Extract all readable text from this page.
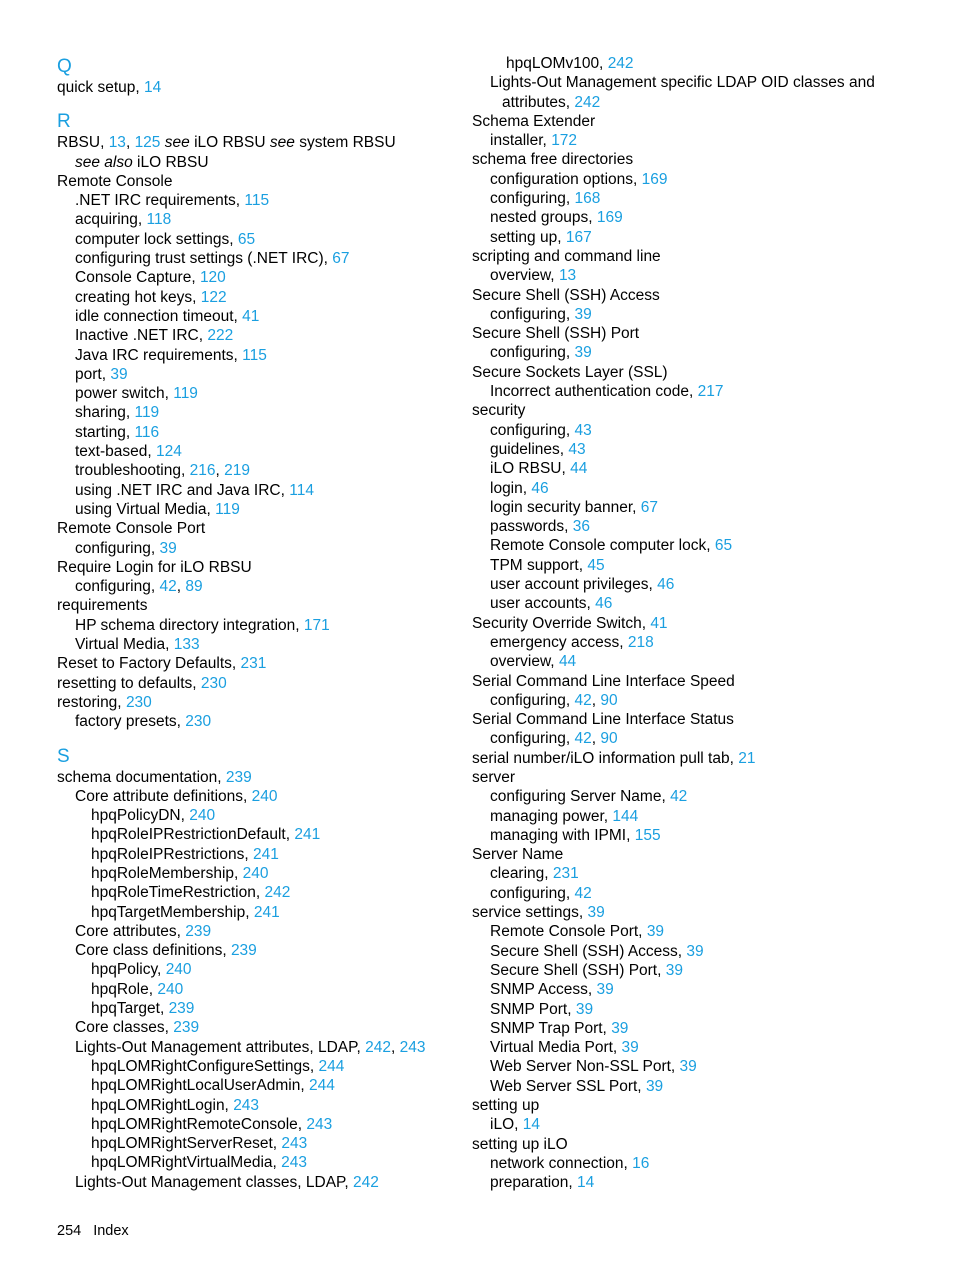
Q
quick setup, 14
R
RBSU, 13, 125 see iLO RBSU see system RBSU
see also iLO RBSU
Remote Console
.NET IRC requirements, 115
acquiring, 118
computer lock settings, 65
configuring trust settings (.NET IRC), 67
Console Capture, 120
creating hot keys, 122
idle connection timeout, 41
Inactive .NET IRC, 222
Java IRC requirements, 115
port, 39
power switch, 119
sharing, 119
starting, 116
text-based, 124
troubleshooting, 216, 219
using .NET IRC and Java IRC, 114
using Virtual Media, 119
Remote Console Port
configuring, 39
Require Login for iLO RBSU
configuring, 42, 89
requirements
HP schema directory integration, 171
Virtual Media, 133
Reset to Factory Defaults, 231
resetting to defaults, 230
restoring, 230
factory presets, 230
S
schema documentation, 239
Core attribute definitions, 240
hpqPolicyDN, 240
hpqRoleIPRestrictionDefault, 241
hpqRoleIPRestrictions, 241
hpqRoleMembership, 240
hpqRoleTimeRestriction, 242
hpqTargetMembership, 241
Core attributes, 239
Core class definitions, 239
hpqPolicy, 240
hpqRole, 240
hpqTarget, 239
Core classes, 239
Lights-Out Management attributes, LDAP, 242, 243
hpqLOMRightConfigureSettings, 244
hpqLOMRightLocalUserAdmin, 244
hpqLOMRightLogin, 243
hpqLOMRightRemoteConsole, 243
hpqLOMRightServerReset, 243
hpqLOMRightVirtualMedia, 243
Lights-Out Management classes, LDAP, 242
hpqLOMv100, 242
Lights-Out Management specific LDAP OID classes and
attributes, 242
Schema Extender
installer, 172
schema free directories
configuration options, 169
configuring, 168
nested groups, 169
setting up, 167
scripting and command line
overview, 13
Secure Shell (SSH) Access
configuring, 39
Secure Shell (SSH) Port
configuring, 39
Secure Sockets Layer (SSL)
Incorrect authentication code, 217
security
configuring, 43
guidelines, 43
iLO RBSU, 44
login, 46
login security banner, 67
passwords, 36
Remote Console computer lock, 65
TPM support, 45
user account privileges, 46
user accounts, 46
Security Override Switch, 41
emergency access, 218
overview, 44
Serial Command Line Interface Speed
configuring, 42, 90
Serial Command Line Interface Status
configuring, 42, 90
serial number/iLO information pull tab, 21
server
configuring Server Name, 42
managing power, 144
managing with IPMI, 155
Server Name
clearing, 231
configuring, 42
service settings, 39
Remote Console Port, 39
Secure Shell (SSH) Access, 39
Secure Shell (SSH) Port, 39
SNMP Access, 39
SNMP Port, 39
SNMP Trap Port, 39
Virtual Media Port, 39
Web Server Non-SSL Port, 39
Web Server SSL Port, 39
setting up
iLO, 14
setting up iLO
network connection, 16
preparation, 14
254 Index
